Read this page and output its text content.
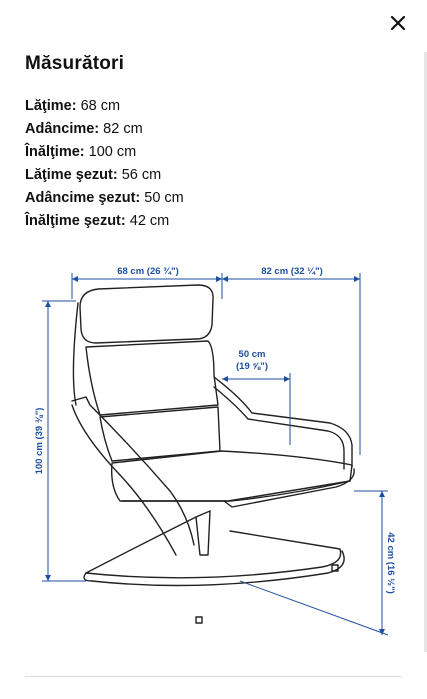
Măsurători
Lăţime: 68 cm
Adâncime: 82 cm
Înălţime: 100 cm
Lăţime şezut: 56 cm
Adâncime şezut: 50 cm
Înălţime şezut: 42 cm
68 cm (26 ¾")	82 cm (32 ¼")
50 cm
(19 ⅝")
100 cm (39 ⅜")
42 cm (16 ½")
